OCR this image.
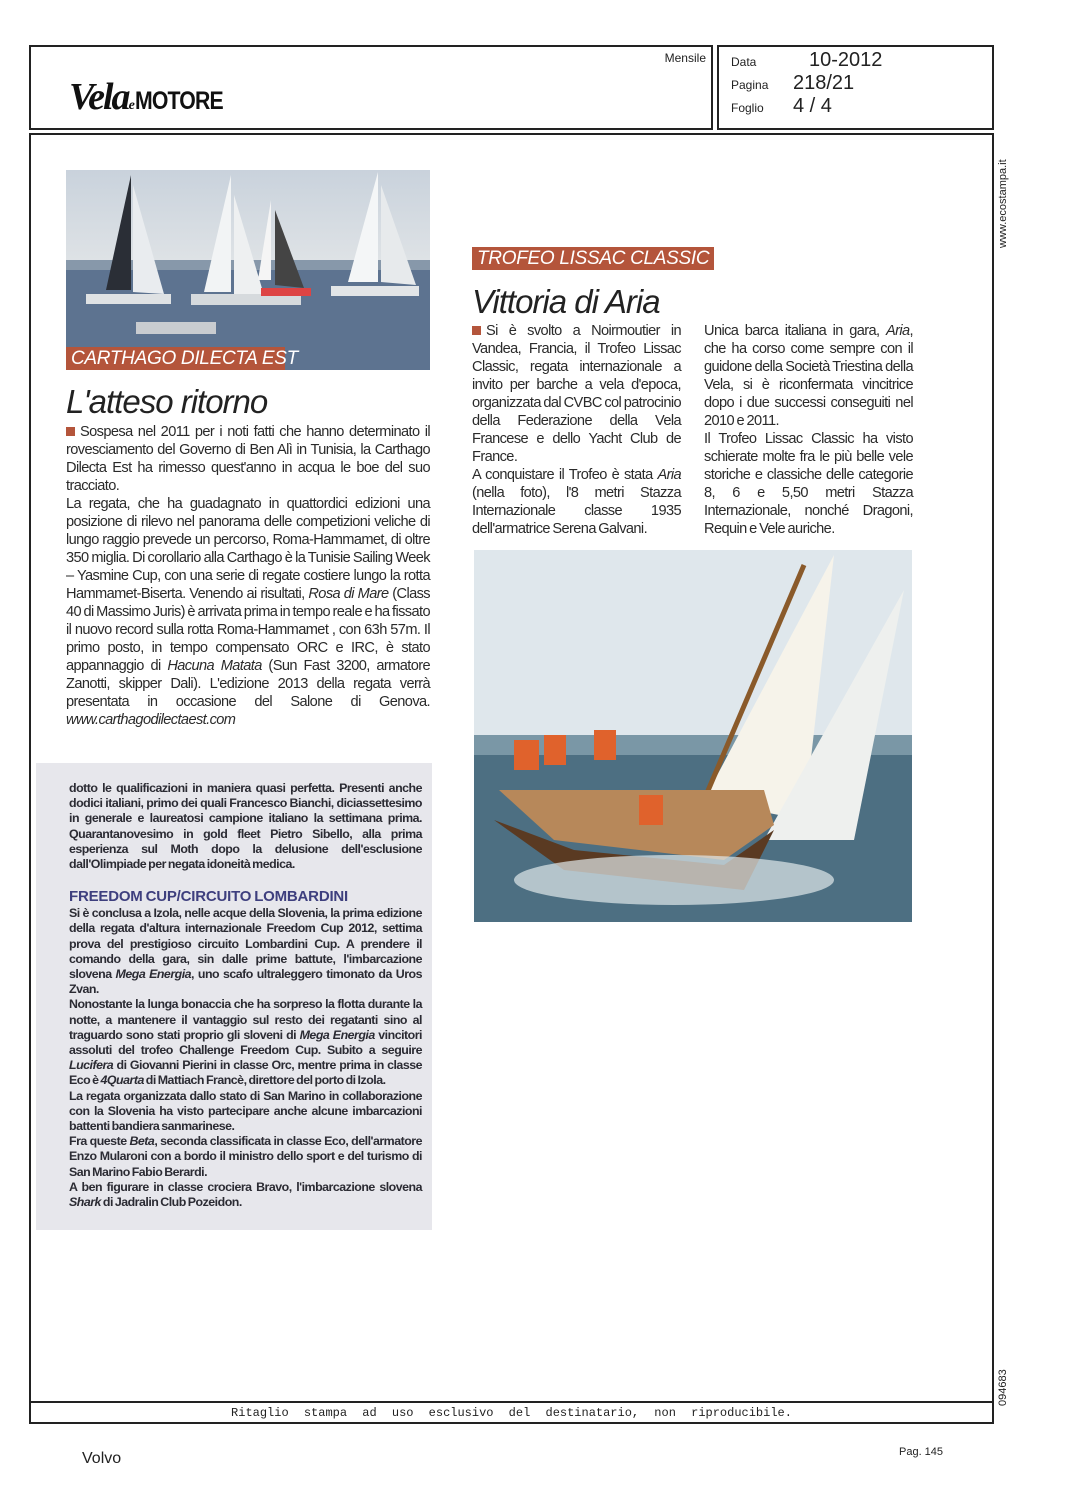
VelaeMOTORE
Mensile Data	10-2012
Pagina 218/21
Foglio 4 / 4
Ritaglio stampa ad uso esclusivo del destinatario, non riproducibile.
www.ecostampa.it
094683
CARTHAGO DILECTA EST
L'atteso ritorno

Sospesa nel 2011 per i noti fatti che hanno determinato il rovesciamento del Governo di Ben Alì in Tunisia, la Carthago Dilecta Est ha rimesso quest'anno in acqua le boe del suo tracciato.

La regata, che ha guadagnato in quattordici edizioni una posizione di rilevo nel panorama delle competizioni veliche di lungo raggio prevede un percorso, Roma-Hammamet, di oltre 350 miglia. Di corollario alla Carthago è la Tunisie Sailing Week – Yasmine Cup, con una serie di regate costiere lungo la rotta Hammamet-Biserta. Venendo ai risultati, Rosa di Mare (Class 40 di Massimo Juris) è arrivata prima in tempo reale e ha fissato il nuovo record sulla rotta Roma-Hammamet , con 63h 57m. Il primo posto, in tempo compensato ORC e IRC, è stato appannaggio di Hacuna Matata (Sun Fast 3200, armatore Zanotti, skipper Dali). L'edizione 2013 della regata verrà presentata in occasione del Salone di Genova. www.carthagodilectaest.com

dotto le qualificazioni in maniera quasi perfetta. Presenti anche dodici italiani, primo dei quali Francesco Bianchi, diciassettesimo in generale e laureatosi campione italiano la settimana prima. Quarantanovesimo in gold fleet Pietro Sibello, alla prima esperienza sul Moth dopo la delusione dell'esclusione dall'Olimpiade per negata idoneità medica.

FREEDOM CUP/CIRCUITO LOMBARDINI

Si è conclusa a Izola, nelle acque della Slovenia, la prima edizione della regata d'altura internazionale Freedom Cup 2012, settima prova del prestigioso circuito Lombardini Cup. A prendere il comando della gara, sin dalle prime battute, l'imbarcazione slovena Mega Energia, uno scafo ultraleggero timonato da Uros Zvan.

Nonostante la lunga bonaccia che ha sorpreso la flotta durante la notte, a mantenere il vantaggio sul resto dei regatanti sino al traguardo sono stati proprio gli sloveni di Mega Energia vincitori assoluti del trofeo Challenge Freedom Cup. Subito a seguire Lucifera di Giovanni Pierini in classe Orc, mentre prima in classe Eco è 4Quarta di Mattiach Francè, direttore del porto di Izola.

La regata organizzata dallo stato di San Marino in collaborazione con la Slovenia ha visto partecipare anche alcune imbarcazioni battenti bandiera sanmarinese.

Fra queste Beta, seconda classificata in classe Eco, dell'armatore Enzo Mularoni con a bordo il ministro dello sport e del turismo di San Marino Fabio Berardi.

A ben figurare in classe crociera Bravo, l'imbarcazione slovena Shark di Jadralin Club Pozeidon.

TROFEO LISSAC CLASSIC
Vittoria di Aria

Si è svolto a Noirmoutier in Vandea, Francia, il Trofeo Lissac Classic, regata internazionale a invito per barche a vela d'epoca, organizzata dal CVBC col patrocinio della Federazione della Vela Francese e dello Yacht Club de France.

A conquistare il Trofeo è stata Aria (nella foto), l'8 metri Stazza Internazionale classe 1935 dell'armatrice Serena Galvani.

Unica barca italiana in gara, Aria, che ha corso come sempre con il guidone della Società Triestina della Vela, si è riconfermata vincitrice dopo i due successi conseguiti nel 2010 e 2011.

Il Trofeo Lissac Classic ha visto schierate molte fra le più belle vele storiche e classiche delle categorie 8, 6 e 5,50 metri Stazza Internazionale, nonché Dragoni, Requin e Vele auriche.

Volvo	Pag. 145
